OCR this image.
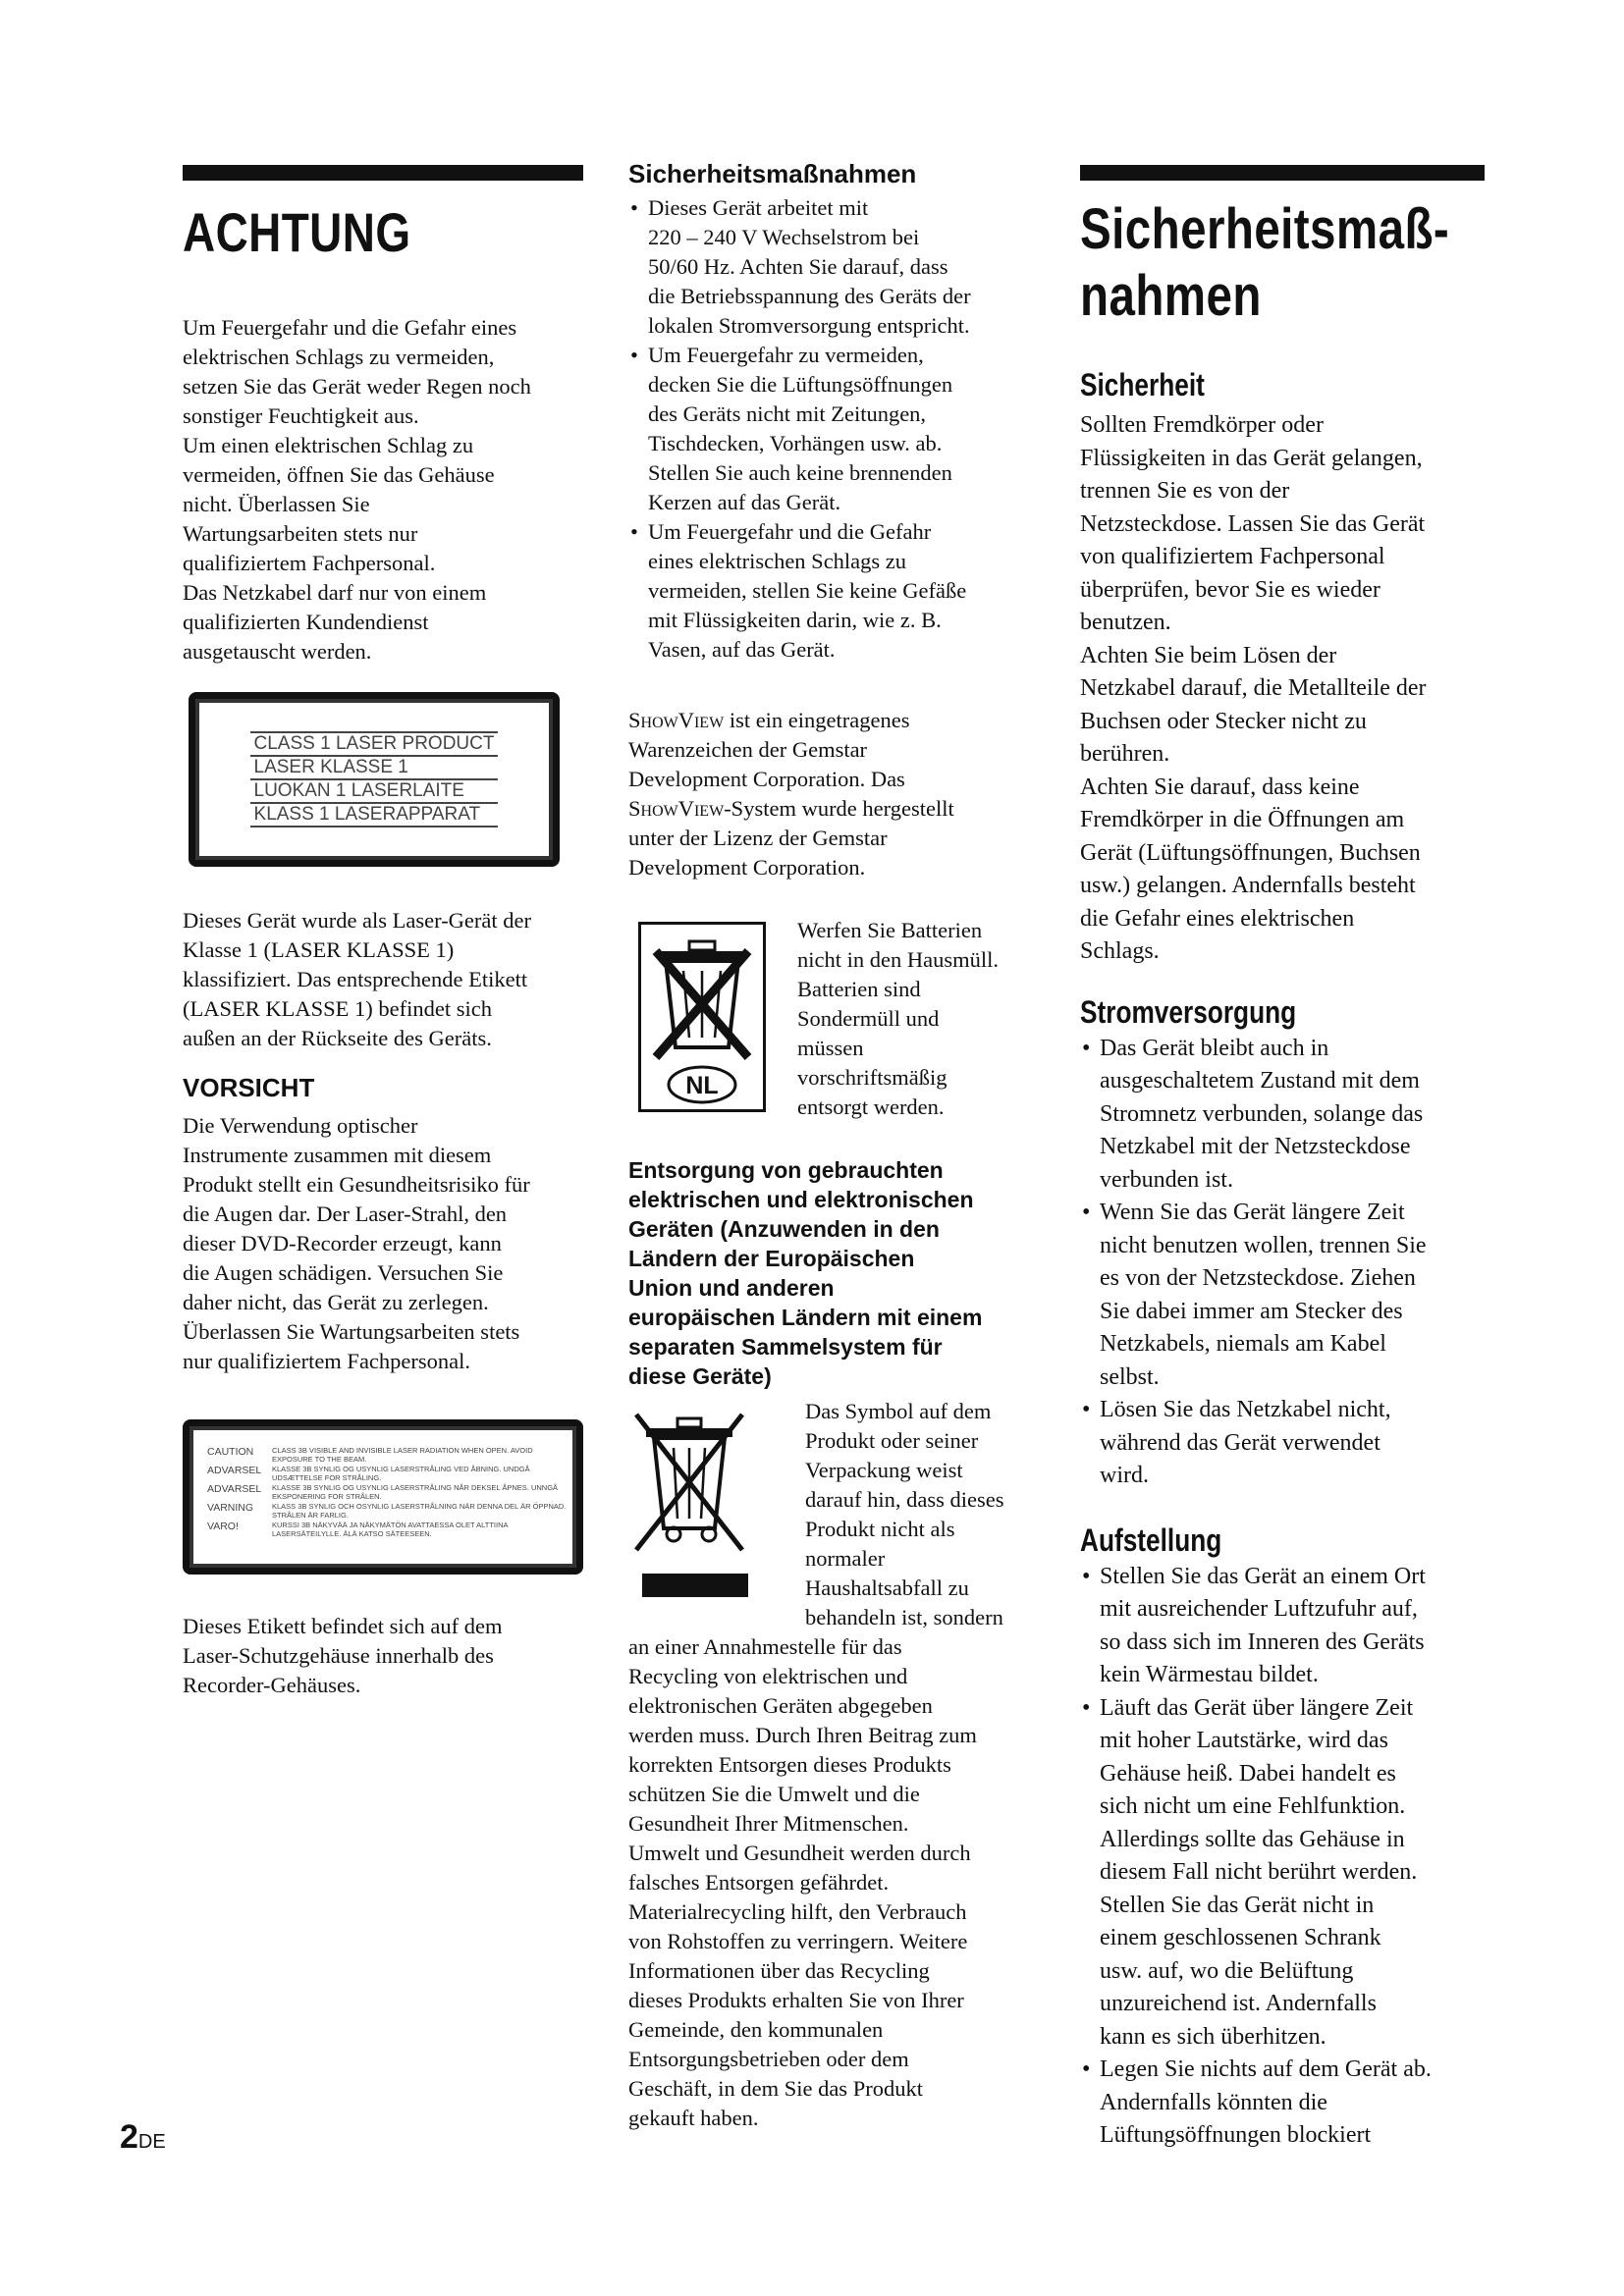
ACHTUNG
Um Feuergefahr und die Gefahr eines
elektrischen Schlags zu vermeiden,
setzen Sie das Gerät weder Regen noch
sonstiger Feuchtigkeit aus.
Um einen elektrischen Schlag zu
vermeiden, öffnen Sie das Gehäuse
nicht. Überlassen Sie
Wartungsarbeiten stets nur
qualifiziertem Fachpersonal.
Das Netzkabel darf nur von einem
qualifizierten Kundendienst
ausgetauscht werden.
CLASS 1 LASER PRODUCT
LASER KLASSE 1
LUOKAN 1 LASERLAITE
KLASS 1 LASERAPPARAT
Dieses Gerät wurde als Laser-Gerät der
Klasse 1 (LASER KLASSE 1)
klassifiziert. Das entsprechende Etikett
(LASER KLASSE 1) befindet sich
außen an der Rückseite des Geräts.
VORSICHT
Die Verwendung optischer
Instrumente zusammen mit diesem
Produkt stellt ein Gesundheitsrisiko für
die Augen dar. Der Laser-Strahl, den
dieser DVD-Recorder erzeugt, kann
die Augen schädigen. Versuchen Sie
daher nicht, das Gerät zu zerlegen.
Überlassen Sie Wartungsarbeiten stets
nur qualifiziertem Fachpersonal.
CAUTION	CLASS 3B VISIBLE AND INVISIBLE LASER RADIATION WHEN OPEN. AVOID EXPOSURE TO THE BEAM.
ADVARSEL	KLASSE 3B SYNLIG OG USYNLIG LASERSTRÅLING VED ÅBNING. UNDGÅ UDSÆTTELSE FOR STRÅLING.
ADVARSEL	KLASSE 3B SYNLIG OG USYNLIG LASERSTRÅLING NÅR DEKSEL ÅPNES. UNNGÅ EKSPONERING FOR STRÅLEN.
VARNING	KLASS 3B SYNLIG OCH OSYNLIG LASERSTRÅLNING NÄR DENNA DEL ÄR ÖPPNAD. STRÅLEN ÄR FARLIG.
VARO!	KURSSI 3B NÄKYVÄÄ JA NÄKYMÄTÖN AVATTAESSA OLET ALTTIINA LASERSÄTEILYLLE. ÄLÄ KATSO SÄTEESEEN.
Dieses Etikett befindet sich auf dem
Laser-Schutzgehäuse innerhalb des
Recorder-Gehäuses.
Sicherheitsmaßnahmen
• Dieses Gerät arbeitet mit
220 – 240 V Wechselstrom bei
50/60 Hz. Achten Sie darauf, dass
die Betriebsspannung des Geräts der
lokalen Stromversorgung entspricht.
• Um Feuergefahr zu vermeiden,
decken Sie die Lüftungsöffnungen
des Geräts nicht mit Zeitungen,
Tischdecken, Vorhängen usw. ab.
Stellen Sie auch keine brennenden
Kerzen auf das Gerät.
• Um Feuergefahr und die Gefahr
eines elektrischen Schlags zu
vermeiden, stellen Sie keine Gefäße
mit Flüssigkeiten darin, wie z. B.
Vasen, auf das Gerät.
ShowView ist ein eingetragenes
Warenzeichen der Gemstar
Development Corporation. Das
ShowView-System wurde hergestellt
unter der Lizenz der Gemstar
Development Corporation.
NL
Werfen Sie Batterien
nicht in den Hausmüll.
Batterien sind
Sondermüll und
müssen
vorschriftsmäßig
entsorgt werden.
Entsorgung von gebrauchten
elektrischen und elektronischen
Geräten (Anzuwenden in den
Ländern der Europäischen
Union und anderen
europäischen Ländern mit einem
separaten Sammelsystem für
diese Geräte)
Das Symbol auf dem
Produkt oder seiner
Verpackung weist
darauf hin, dass dieses
Produkt nicht als
normaler
Haushaltsabfall zu
behandeln ist, sondern
an einer Annahmestelle für das
Recycling von elektrischen und
elektronischen Geräten abgegeben
werden muss. Durch Ihren Beitrag zum
korrekten Entsorgen dieses Produkts
schützen Sie die Umwelt und die
Gesundheit Ihrer Mitmenschen.
Umwelt und Gesundheit werden durch
falsches Entsorgen gefährdet.
Materialrecycling hilft, den Verbrauch
von Rohstoffen zu verringern. Weitere
Informationen über das Recycling
dieses Produkts erhalten Sie von Ihrer
Gemeinde, den kommunalen
Entsorgungsbetrieben oder dem
Geschäft, in dem Sie das Produkt
gekauft haben.
Sicherheitsmaß-
nahmen
Sicherheit
Sollten Fremdkörper oder
Flüssigkeiten in das Gerät gelangen,
trennen Sie es von der
Netzsteckdose. Lassen Sie das Gerät
von qualifiziertem Fachpersonal
überprüfen, bevor Sie es wieder
benutzen.
Achten Sie beim Lösen der
Netzkabel darauf, die Metallteile der
Buchsen oder Stecker nicht zu
berühren.
Achten Sie darauf, dass keine
Fremdkörper in die Öffnungen am
Gerät (Lüftungsöffnungen, Buchsen
usw.) gelangen. Andernfalls besteht
die Gefahr eines elektrischen
Schlags.
Stromversorgung
• Das Gerät bleibt auch in
ausgeschaltetem Zustand mit dem
Stromnetz verbunden, solange das
Netzkabel mit der Netzsteckdose
verbunden ist.
• Wenn Sie das Gerät längere Zeit
nicht benutzen wollen, trennen Sie
es von der Netzsteckdose. Ziehen
Sie dabei immer am Stecker des
Netzkabels, niemals am Kabel
selbst.
• Lösen Sie das Netzkabel nicht,
während das Gerät verwendet
wird.
Aufstellung
• Stellen Sie das Gerät an einem Ort
mit ausreichender Luftzufuhr auf,
so dass sich im Inneren des Geräts
kein Wärmestau bildet.
• Läuft das Gerät über längere Zeit
mit hoher Lautstärke, wird das
Gehäuse heiß. Dabei handelt es
sich nicht um eine Fehlfunktion.
Allerdings sollte das Gehäuse in
diesem Fall nicht berührt werden.
Stellen Sie das Gerät nicht in
einem geschlossenen Schrank
usw. auf, wo die Belüftung
unzureichend ist. Andernfalls
kann es sich überhitzen.
• Legen Sie nichts auf dem Gerät ab.
Andernfalls könnten die
Lüftungsöffnungen blockiert
2DE
